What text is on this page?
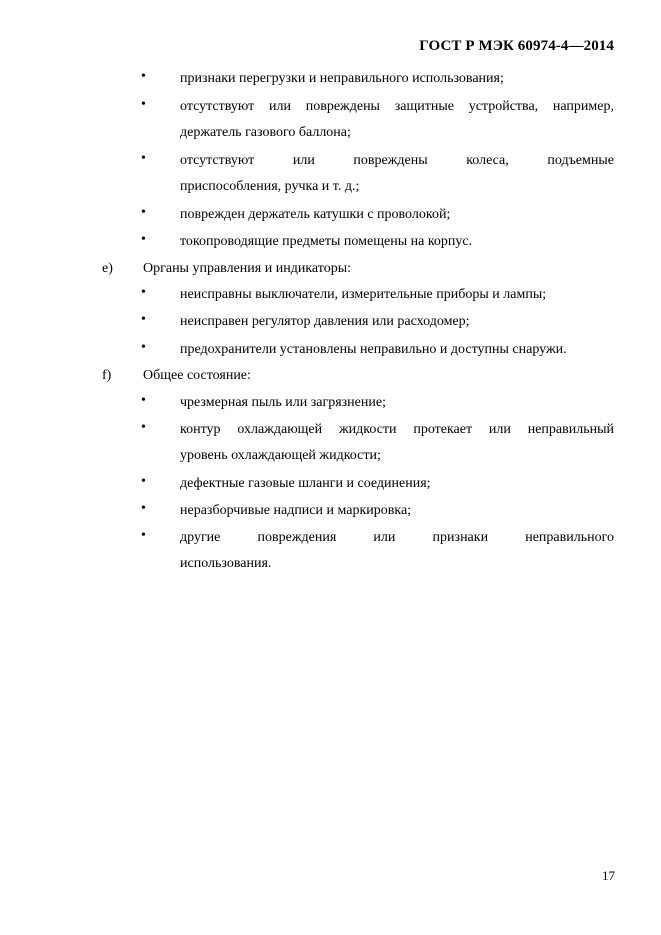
ГОСТ Р МЭК 60974-4—2014
• признаки перегрузки и неправильного использования;
• отсутствуют или повреждены защитные устройства, например,
держатель газового баллона;
• отсутствуют или повреждены колеса, подъемные
приспособления, ручка и т. д.;
• поврежден держатель катушки с проволокой;
• токопроводящие предметы помещены на корпус.
e) Органы управления и индикаторы:
• неисправны выключатели, измерительные приборы и лампы;
• неисправен регулятор давления или расходомер;
• предохранители установлены неправильно и доступны снаружи.
f) Общее состояние:
• чрезмерная пыль или загрязнение;
• контур охлаждающей жидкости протекает или неправильный
уровень охлаждающей жидкости;
• дефектные газовые шланги и соединения;
• неразборчивые надписи и маркировка;
• другие повреждения или признаки неправильного
использования.
17
